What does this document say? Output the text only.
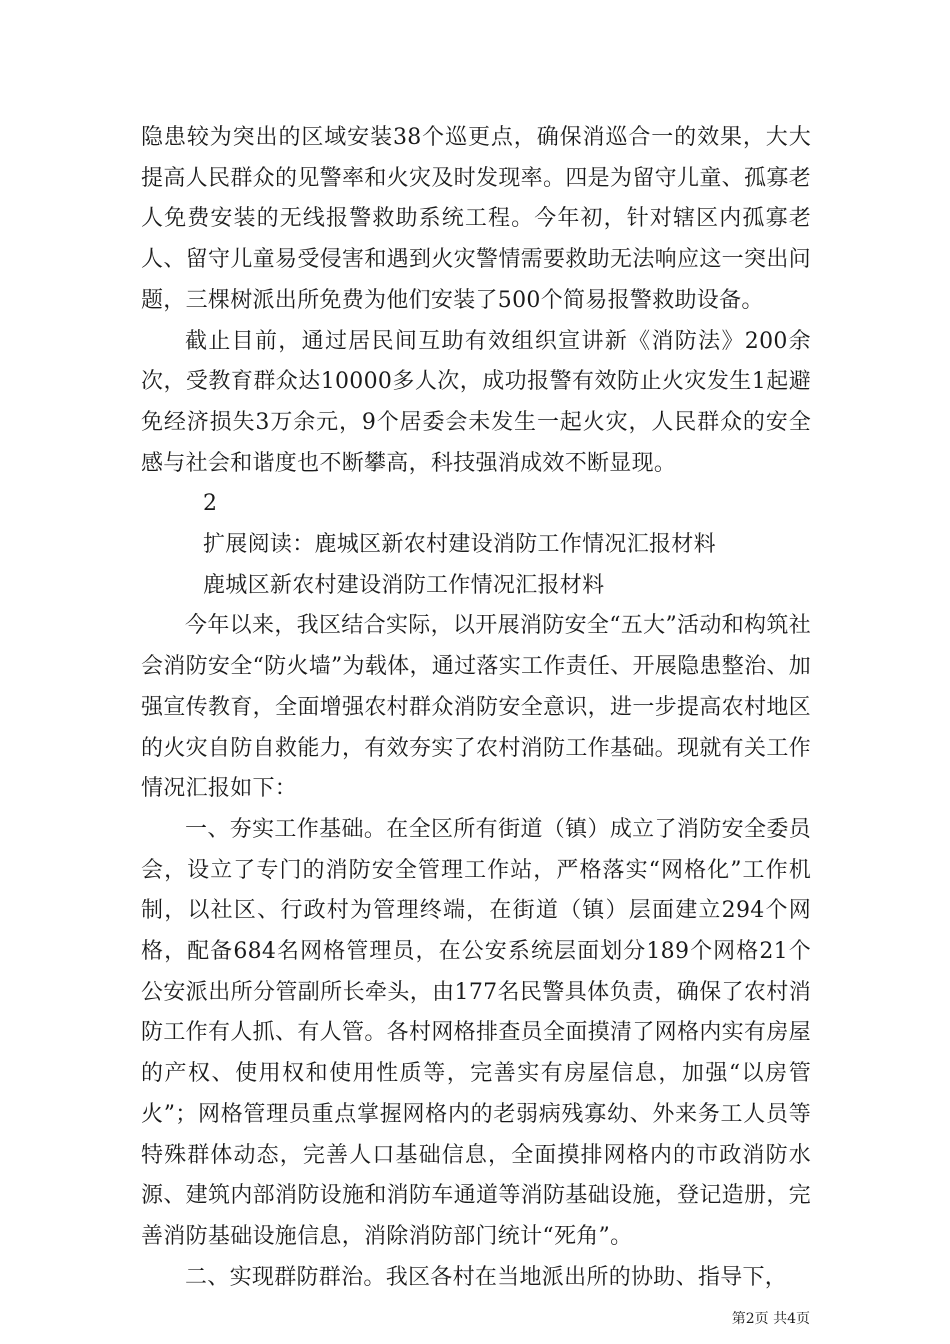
隐患较为突出的区域安装38个巡更点，确保消巡合一的效果，大大提高人民群众的见警率和火灾及时发现率。四是为留守儿童、孤寡老人免费安装的无线报警救助系统工程。今年初，针对辖区内孤寡老人、留守儿童易受侵害和遇到火灾警情需要救助无法响应这一突出问题，三棵树派出所免费为他们安装了500个简易报警救助设备。

截止目前，通过居民间互助有效组织宣讲新《消防法》200余次，受教育群众达10000多人次，成功报警有效防止火灾发生1起避免经济损失3万余元，9个居委会未发生一起火灾，人民群众的安全感与社会和谐度也不断攀高，科技强消成效不断显现。

2

扩展阅读：鹿城区新农村建设消防工作情况汇报材料

鹿城区新农村建设消防工作情况汇报材料

今年以来，我区结合实际，以开展消防安全“五大”活动和构筑社会消防安全“防火墙”为载体，通过落实工作责任、开展隐患整治、加强宣传教育，全面增强农村群众消防安全意识，进一步提高农村地区的火灾自防自救能力，有效夯实了农村消防工作基础。现就有关工作情况汇报如下：

一、夯实工作基础。在全区所有街道（镇）成立了消防安全委员会，设立了专门的消防安全管理工作站，严格落实“网格化”工作机制，以社区、行政村为管理终端，在街道（镇）层面建立294个网格，配备684名网格管理员，在公安系统层面划分189个网格21个公安派出所分管副所长牵头，由177名民警具体负责，确保了农村消防工作有人抓、有人管。各村网格排查员全面摸清了网格内实有房屋的产权、使用权和使用性质等，完善实有房屋信息，加强“以房管火”；网格管理员重点掌握网格内的老弱病残寡幼、外来务工人员等特殊群体动态，完善人口基础信息，全面摸排网格内的市政消防水源、建筑内部消防设施和消防车通道等消防基础设施，登记造册，完善消防基础设施信息，消除消防部门统计“死角”。

二、实现群防群治。我区各村在当地派出所的协助、指导下，

第2页 共4页
